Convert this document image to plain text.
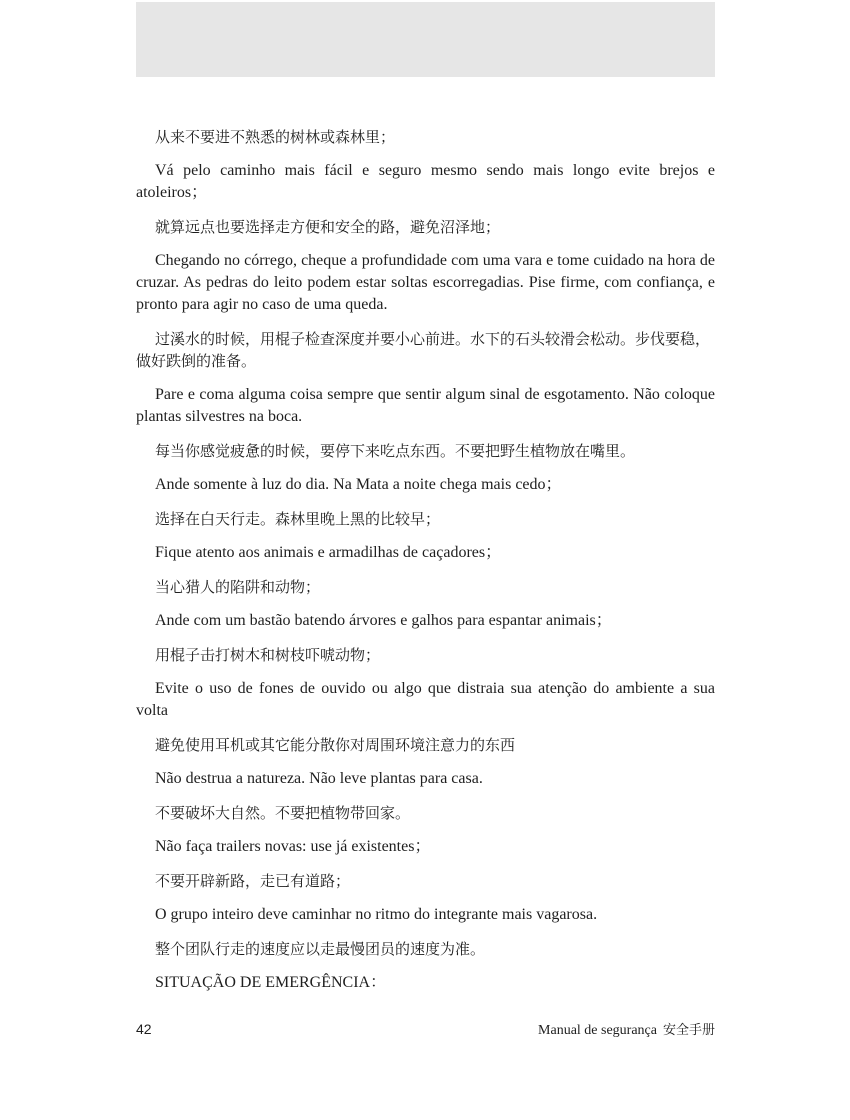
从来不要进不熟悉的树林或森林里；

Vá pelo caminho mais fácil e seguro mesmo sendo mais longo evite brejos e atoleiros；

就算远点也要选择走方便和安全的路，避免沼泽地；

Chegando no córrego, cheque a profundidade com uma vara e tome cuidado na hora de cruzar. As pedras do leito podem estar soltas escorregadias. Pise firme, com confiança, e pronto para agir no caso de uma queda.

过溪水的时候，用棍子检查深度并要小心前进。水下的石头较滑会松动。步伐要稳，做好跌倒的准备。

Pare e coma alguma coisa sempre que sentir algum sinal de esgotamento. Não coloque plantas silvestres na boca.

每当你感觉疲惫的时候，要停下来吃点东西。不要把野生植物放在嘴里。

Ande somente à luz do dia. Na Mata a noite chega mais cedo；

选择在白天行走。森林里晚上黑的比较早；

Fique atento aos animais e armadilhas de caçadores；

当心猎人的陷阱和动物；

Ande com um bastão batendo árvores e galhos para espantar animais；

用棍子击打树木和树枝吓唬动物；

Evite o uso de fones de ouvido ou algo que distraia sua atenção do ambiente a sua volta

避免使用耳机或其它能分散你对周围环境注意力的东西

Não destrua a natureza. Não leve plantas para casa.

不要破坏大自然。不要把植物带回家。

Não faça trailers novas: use já existentes；

不要开辟新路，走已有道路；

O grupo inteiro deve caminhar no ritmo do integrante mais vagarosa.

整个团队行走的速度应以走最慢团员的速度为准。

SITUAÇÃO DE EMERGÊNCIA：

42	Manual de segurança 安全手册
